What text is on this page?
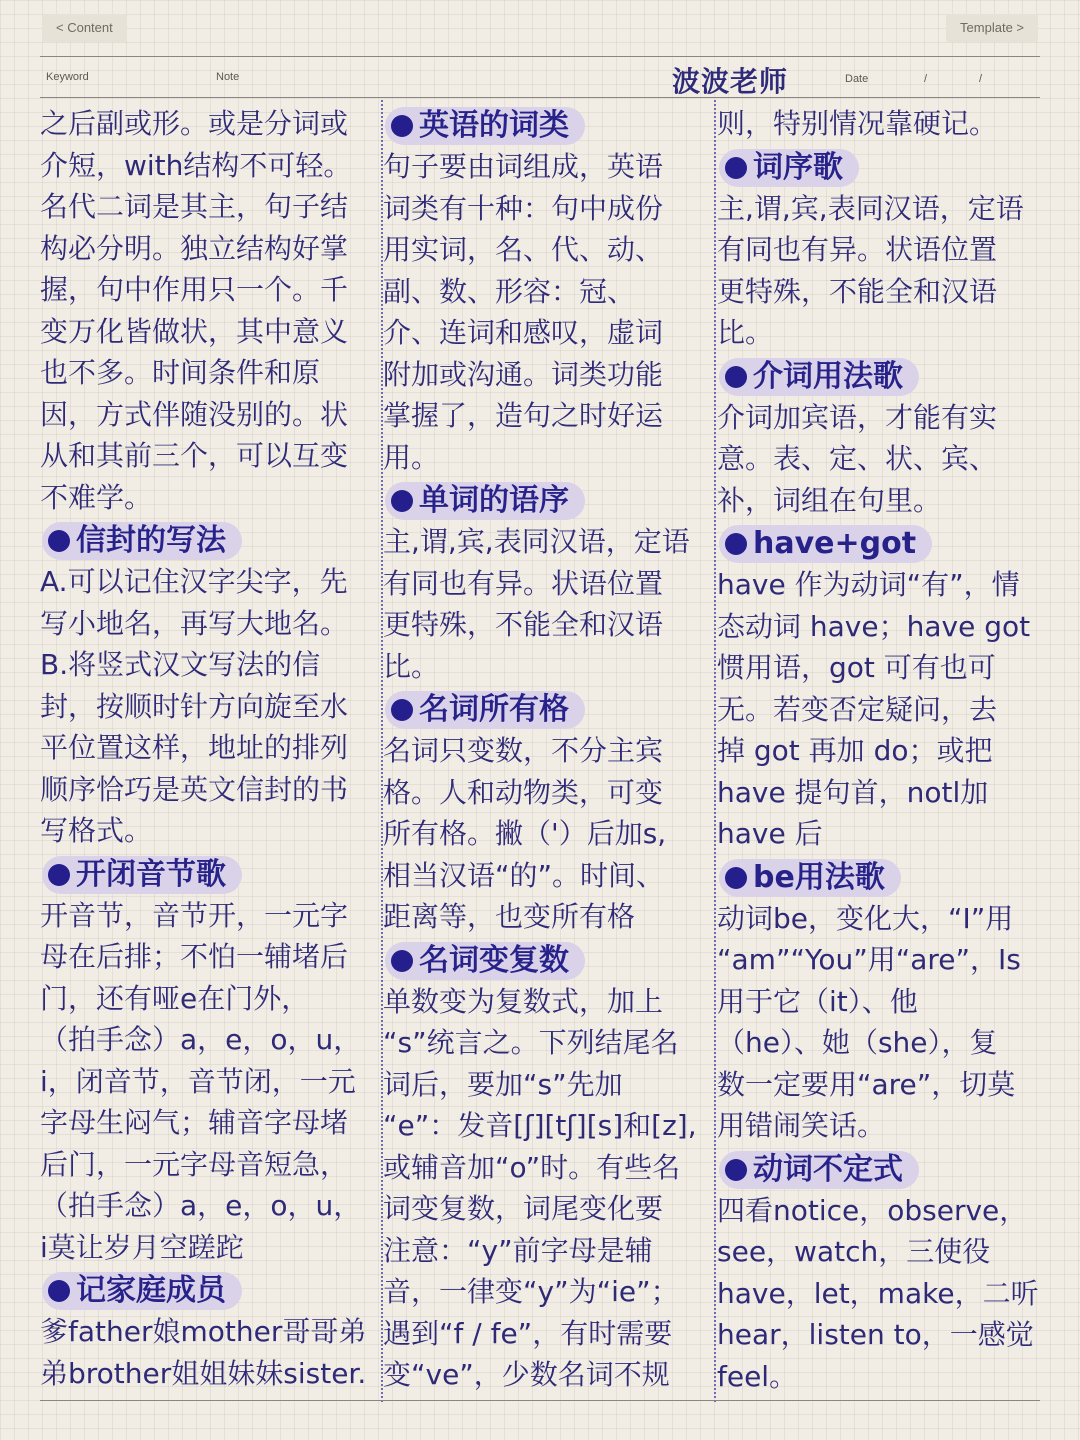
< Content	Template >
Keyword	Note	波波老师	Date	/	/

之后副或形。或是分词或
介短，with结构不可轻。
名代二词是其主，句子结
构必分明。独立结构好掌
握，句中作用只一个。千
变万化皆做状，其中意义
也不多。时间条件和原
因，方式伴随没别的。状
从和其前三个，可以互变
不难学。

信封的写法

A.可以记住汉字尖字，先
写小地名，再写大地名。
B.将竖式汉文写法的信
封，按顺时针方向旋至水
平位置这样，地址的排列
顺序恰巧是英文信封的书
写格式。

开闭音节歌

开音节，音节开，一元字
母在后排；不怕一辅堵后
门，还有哑e在门外，
（拍手念）a，e，o，u，
i，闭音节，音节闭，一元
字母生闷气；辅音字母堵
后门，一元字母音短急，
（拍手念）a，e，o，u，
i莫让岁月空蹉跎

记家庭成员

爹father娘mother哥哥弟
弟brother姐姐妹妹sister.

英语的词类

句子要由词组成，英语
词类有十种：句中成份
用实词，名、代、动、
副、数、形容：冠、
介、连词和感叹，虚词
附加或沟通。词类功能
掌握了，造句之时好运
用。

单词的语序

主,谓,宾,表同汉语，定语
有同也有异。状语位置
更特殊，不能全和汉语
比。

名词所有格

名词只变数，不分主宾
格。人和动物类，可变
所有格。撇（'）后加s,
相当汉语“的”。时间、
距离等，也变所有格

名词变复数

单数变为复数式，加上
“s”统言之。下列结尾名
词后，要加“s”先加
“e”：发音[ʃ][tʃ][s]和[z],
或辅音加“o”时。有些名
词变复数，词尾变化要
注意：“y”前字母是辅
音，一律变“y”为“ie”；
遇到“f / fe”，有时需要
变“ve”，少数名词不规

则，特别情况靠硬记。

词序歌

主,谓,宾,表同汉语，定语
有同也有异。状语位置
更特殊，不能全和汉语
比。

介词用法歌

介词加宾语，才能有实
意。表、定、状、宾、
补，词组在句里。

have+got

have 作为动词“有”，情
态动词 have；have got
惯用语，got 可有也可
无。若变否定疑问，去
掉 got 再加 do；或把
have 提句首，notl加
have 后

be用法歌

动词be，变化大，“I”用
“am”“You”用“are”，Is
用于它（it）、他
（he）、她（she），复
数一定要用“are”，切莫
用错闹笑话。

动词不定式

四看notice，observe，
see，watch，三使役
have，let，make，二听
hear，listen to，一感觉
feel。
